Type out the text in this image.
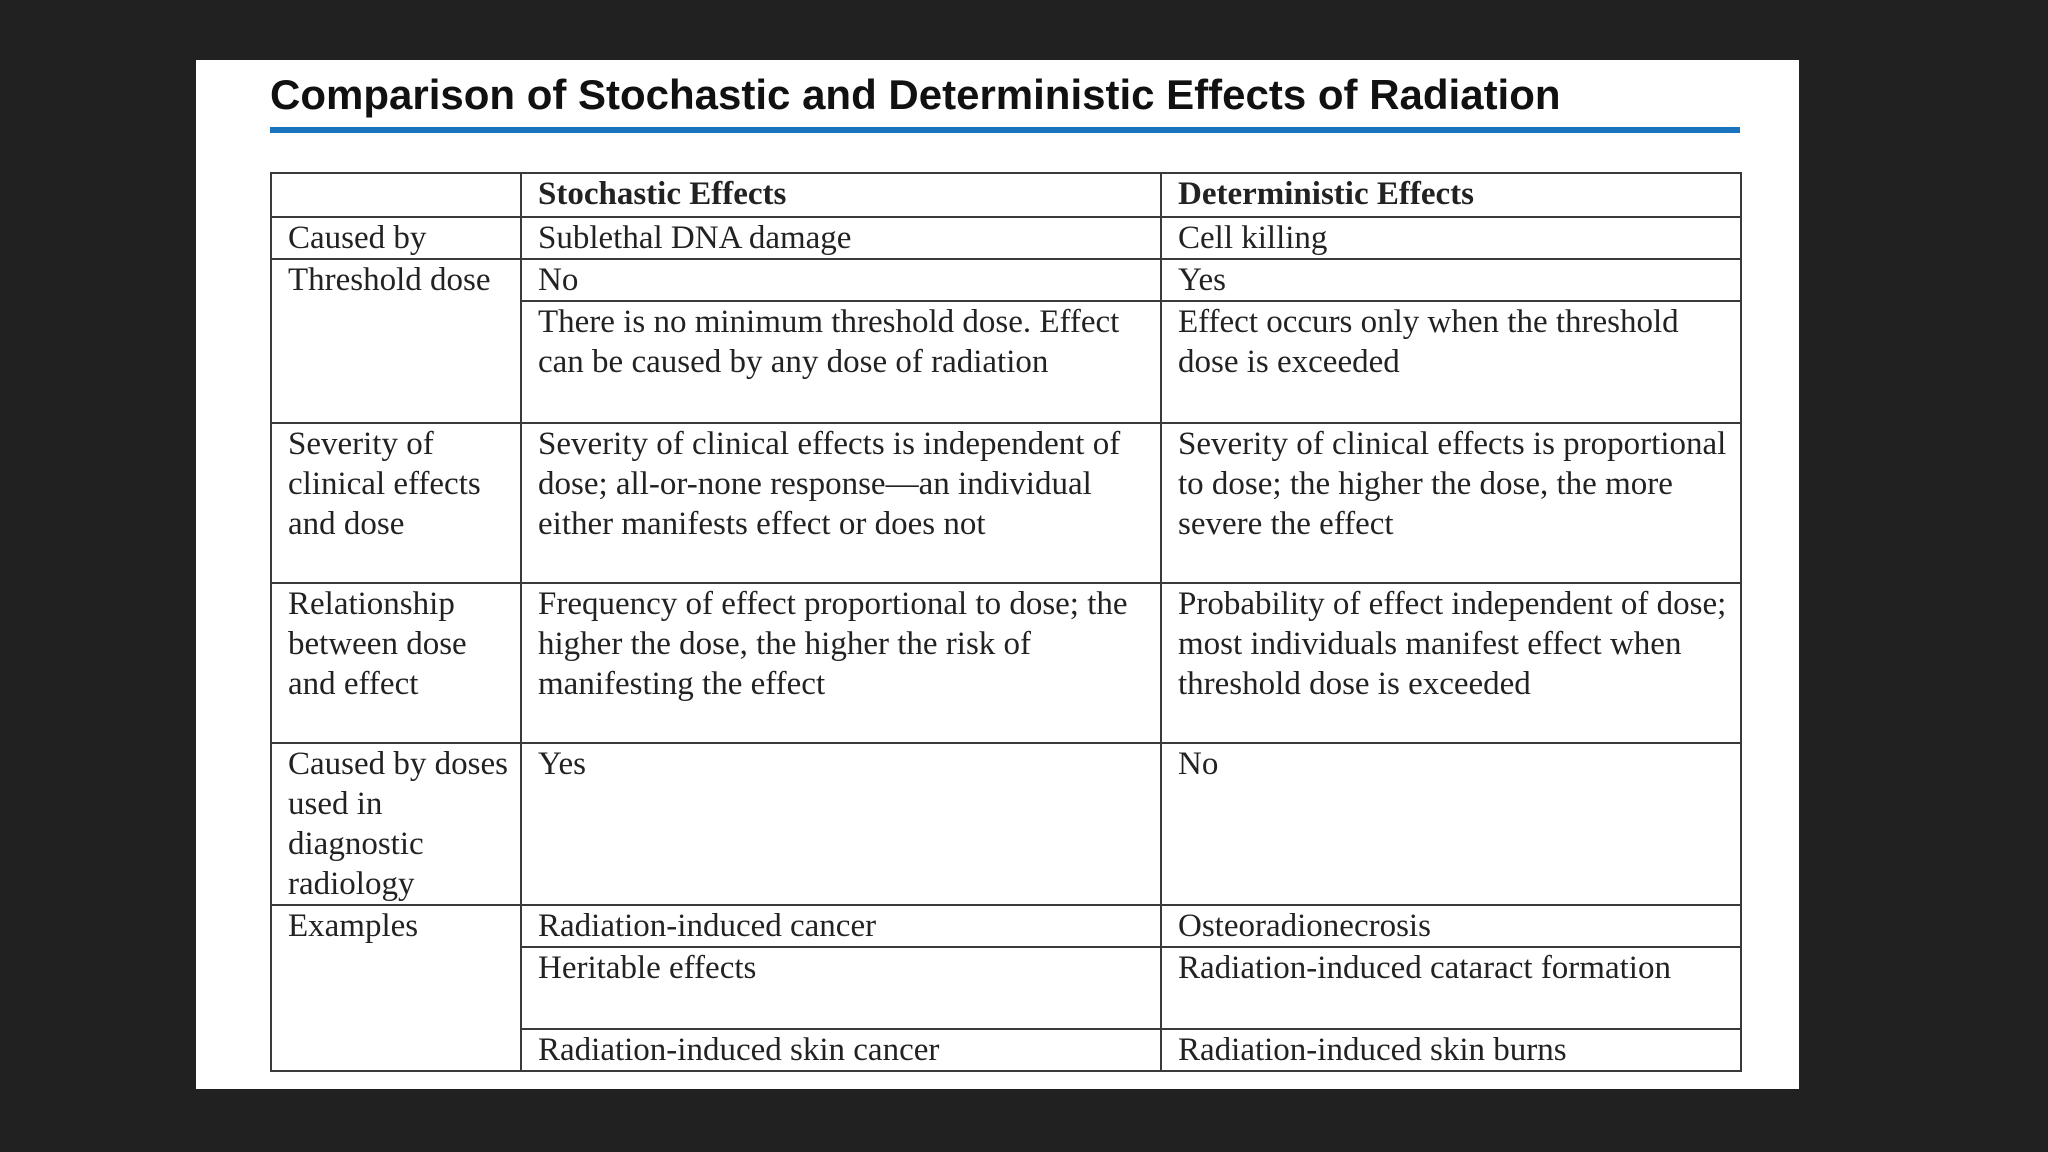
Comparison of Stochastic and Deterministic Effects of Radiation
	Stochastic Effects	Deterministic Effects
Caused by	Sublethal DNA damage	Cell killing
Threshold dose	No	Yes
	There is no minimum threshold dose. Effect can be caused by any dose of radiation	Effect occurs only when the threshold dose is exceeded
Severity of clinical effects and dose	Severity of clinical effects is independent of dose; all-or-none response—an individual either manifests effect or does not	Severity of clinical effects is proportional to dose; the higher the dose, the more severe the effect
Relationship between dose and effect	Frequency of effect proportional to dose; the higher the dose, the higher the risk of manifesting the effect	Probability of effect independent of dose; most individuals manifest effect when threshold dose is exceeded
Caused by doses used in diagnostic radiology	Yes	No
Examples	Radiation-induced cancer	Osteoradionecrosis
	Heritable effects	Radiation-induced cataract formation
	Radiation-induced skin cancer	Radiation-induced skin burns
